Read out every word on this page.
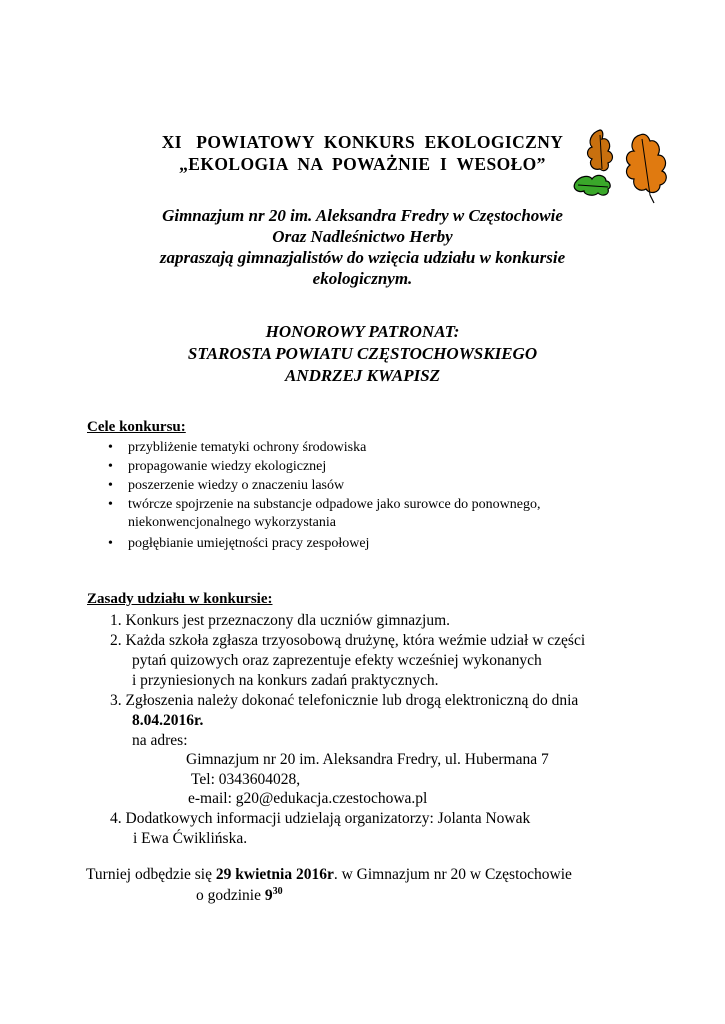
XI   POWIATOWY  KONKURS  EKOLOGICZNY
„EKOLOGIA  NA  POWAŻNIE  I  WESOŁO”
Gimnazjum nr 20 im. Aleksandra Fredry w Częstochowie
Oraz Nadleśnictwo Herby
zapraszają gimnazjalistów do wzięcia udziału w konkursie
ekologicznym.
HONOROWY PATRONAT:
STAROSTA POWIATU CZĘSTOCHOWSKIEGO
ANDRZEJ KWAPISZ
Cele konkursu:
• przybliżenie tematyki ochrony środowiska
• propagowanie wiedzy ekologicznej
• poszerzenie wiedzy o znaczeniu lasów
• twórcze spojrzenie na substancje odpadowe jako surowce do ponownego,
niekonwencjonalnego wykorzystania
• pogłębianie umiejętności pracy zespołowej
Zasady udziału w konkursie:
1. Konkurs jest przeznaczony dla uczniów gimnazjum.
2. Każda szkoła zgłasza trzyosobową drużynę, która weźmie udział w części
pytań quizowych oraz zaprezentuje efekty wcześniej wykonanych
i przyniesionych na konkurs zadań praktycznych.
3. Zgłoszenia należy dokonać telefonicznie lub drogą elektroniczną do dnia
8.04.2016r.
na adres:
Gimnazjum nr 20 im. Aleksandra Fredry, ul. Hubermana 7
Tel: 0343604028,
e-mail: g20@edukacja.czestochowa.pl
4. Dodatkowych informacji udzielają organizatorzy: Jolanta Nowak
i Ewa Ćwiklińska.
Turniej odbędzie się 29 kwietnia 2016r. w Gimnazjum nr 20 w Częstochowie
o godzinie $9^{30}$
